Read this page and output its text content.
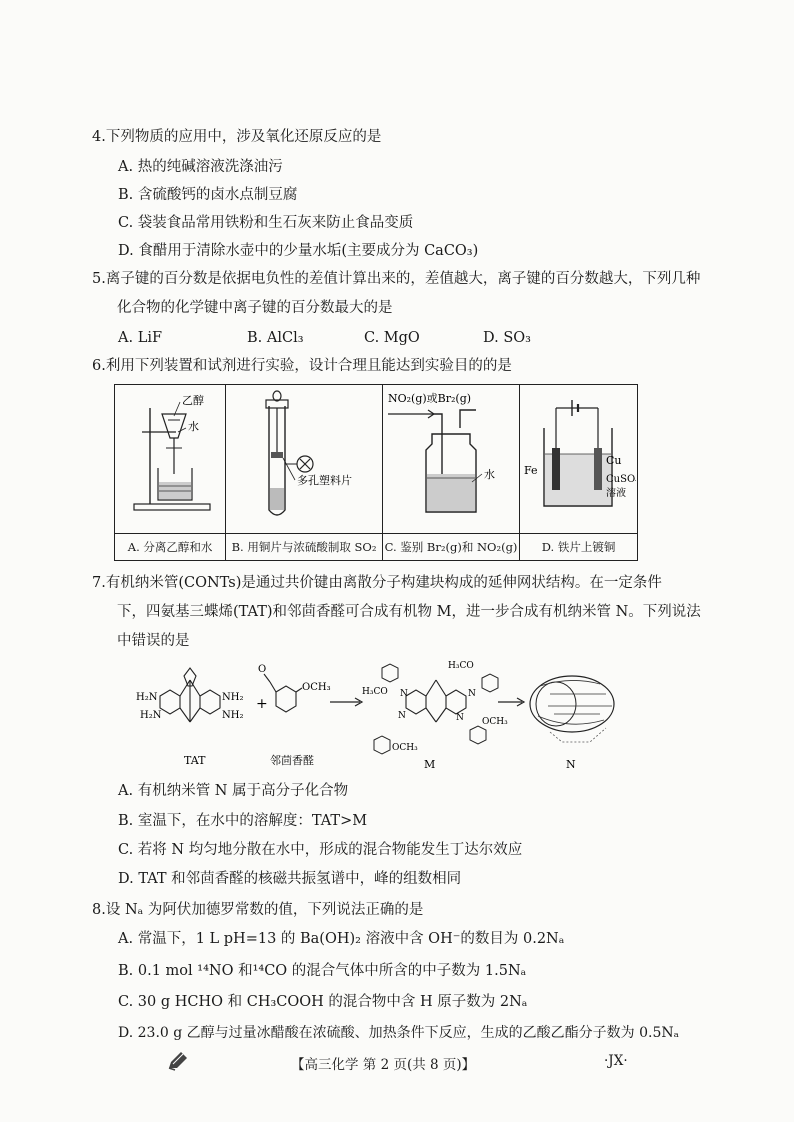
4.下列物质的应用中，涉及氧化还原反应的是
A. 热的纯碱溶液洗涤油污
B. 含硫酸钙的卤水点制豆腐
C. 袋装食品常用铁粉和生石灰来防止食品变质
D. 食醋用于清除水壶中的少量水垢(主要成分为 CaCO₃)
5.离子键的百分数是依据电负性的差值计算出来的，差值越大，离子键的百分数越大，下列几种
化合物的化学键中离子键的百分数最大的是
A. LiF	B. AlCl₃	C. MgO	D. SO₃
6.利用下列装置和试剂进行实验，设计合理且能达到实验目的的是
乙醇
水	多孔塑料片	NO₂(g)或Br₂(g)
水	Fe
Cu
CuSO₄
溶液

A. 分离乙醇和水	B. 用铜片与浓硫酸制取 SO₂	C. 鉴别 Br₂(g)和 NO₂(g)	D. 铁片上镀铜
7.有机纳米管(CONTs)是通过共价键由离散分子构建块构成的延伸网状结构。在一定条件
下，四氨基三蝶烯(TAT)和邻茴香醛可合成有机物 M，进一步合成有机纳米管 N。下列说法
中错误的是
H₂N
H₂N
NH₂
NH₂
TAT
+
O
OCH₃
邻茴香醛
N	N
N	N
H₃CO
H₃CO
OCH₃
OCH₃
M	N
A. 有机纳米管 N 属于高分子化合物
B. 室温下，在水中的溶解度：TAT>M
C. 若将 N 均匀地分散在水中，形成的混合物能发生丁达尔效应
D. TAT 和邻茴香醛的核磁共振氢谱中，峰的组数相同
8.设 Nₐ 为阿伏加德罗常数的值，下列说法正确的是
A. 常温下，1 L pH=13 的 Ba(OH)₂ 溶液中含 OH⁻的数目为 0.2Nₐ
B. 0.1 mol ¹⁴NO 和¹⁴CO 的混合气体中所含的中子数为 1.5Nₐ
C. 30 g HCHO 和 CH₃COOH 的混合物中含 H 原子数为 2Nₐ
D. 23.0 g 乙醇与过量冰醋酸在浓硫酸、加热条件下反应，生成的乙酸乙酯分子数为 0.5Nₐ
【高三化学 第 2 页(共 8 页)】	·JX·
